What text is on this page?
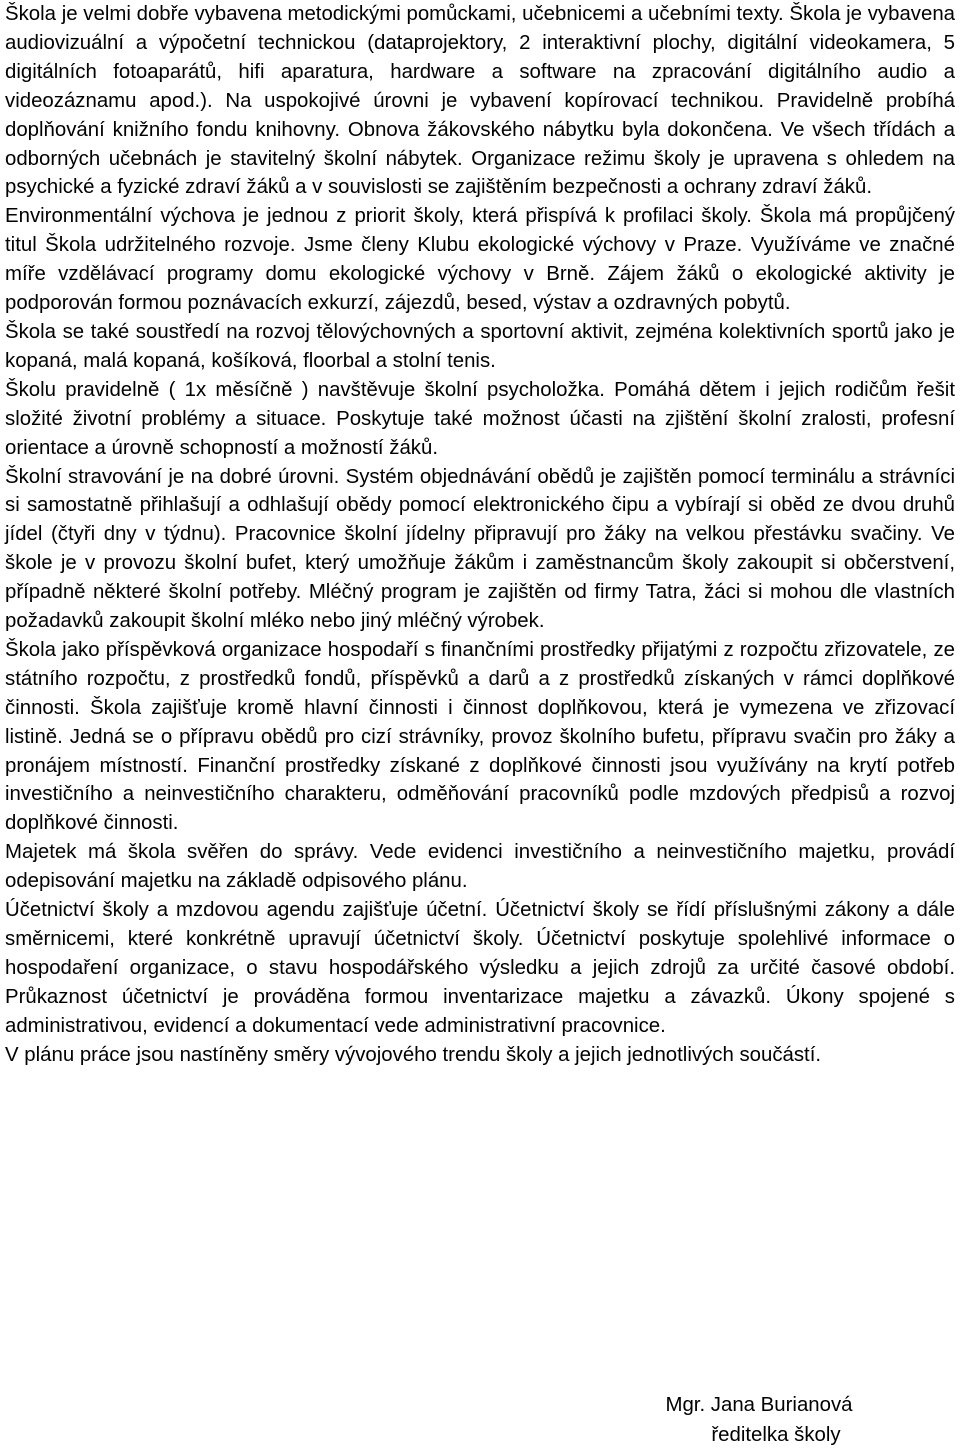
Škola je velmi dobře vybavena metodickými pomůckami, učebnicemi a učebními texty. Škola je vybavena audiovizuální a výpočetní technickou (dataprojektory, 2 interaktivní plochy, digitální videokamera, 5 digitálních fotoaparátů, hifi aparatura, hardware a software na zpracování digitálního audio a videozáznamu apod.). Na uspokojivé úrovni je vybavení kopírovací technikou. Pravidelně probíhá doplňování knižního fondu knihovny. Obnova žákovského nábytku byla dokončena. Ve všech třídách a odborných učebnách je stavitelný školní nábytek. Organizace režimu školy je upravena s ohledem na psychické a fyzické zdraví žáků a v souvislosti se zajištěním bezpečnosti a ochrany zdraví žáků.

Environmentální výchova je jednou z priorit školy, která přispívá k profilaci školy. Škola má propůjčený titul Škola udržitelného rozvoje. Jsme členy Klubu ekologické výchovy v Praze. Využíváme ve značné míře vzdělávací programy domu ekologické výchovy v Brně. Zájem žáků o ekologické aktivity je podporován formou poznávacích exkurzí, zájezdů, besed, výstav a ozdravných pobytů.

Škola se také soustředí na rozvoj tělovýchovných a sportovní aktivit, zejména kolektivních sportů jako je kopaná, malá kopaná, košíková, floorbal a stolní tenis.

Školu pravidelně ( 1x měsíčně ) navštěvuje školní psycholožka. Pomáhá dětem i jejich rodičům řešit složité životní problémy a situace. Poskytuje také možnost účasti na zjištění školní zralosti, profesní orientace a úrovně schopností a možností žáků.

Školní stravování je na dobré úrovni. Systém objednávání obědů je zajištěn pomocí terminálu a strávníci si samostatně přihlašují a odhlašují obědy pomocí elektronického čipu a vybírají si oběd ze dvou druhů jídel (čtyři dny v týdnu). Pracovnice školní jídelny připravují pro žáky na velkou přestávku svačiny. Ve škole je v provozu školní bufet, který umožňuje žákům i zaměstnancům školy zakoupit si občerstvení, případně některé školní potřeby. Mléčný program je zajištěn od firmy Tatra, žáci si mohou dle vlastních požadavků zakoupit školní mléko nebo jiný mléčný výrobek.

Škola jako příspěvková organizace hospodaří s finančními prostředky přijatými z rozpočtu zřizovatele, ze státního rozpočtu, z prostředků fondů, příspěvků a darů a z prostředků získaných v rámci doplňkové činnosti. Škola zajišťuje kromě hlavní činnosti i činnost doplňkovou, která je vymezena ve zřizovací listině. Jedná se o přípravu obědů pro cizí strávníky, provoz školního bufetu, přípravu svačin pro žáky a pronájem místností. Finanční prostředky získané z doplňkové činnosti jsou využívány na krytí potřeb investičního a neinvestičního charakteru, odměňování pracovníků podle mzdových předpisů a rozvoj doplňkové činnosti.

Majetek má škola svěřen do správy. Vede evidenci investičního a neinvestičního majetku, provádí odepisování majetku na základě odpisového plánu.

Účetnictví školy a mzdovou agendu zajišťuje účetní. Účetnictví školy se řídí příslušnými zákony a dále směrnicemi, které konkrétně upravují účetnictví školy. Účetnictví poskytuje spolehlivé informace o hospodaření organizace, o stavu hospodářského výsledku a jejich zdrojů za určité časové období. Průkaznost účetnictví je prováděna formou inventarizace majetku a závazků. Úkony spojené s administrativou, evidencí a dokumentací vede administrativní pracovnice.

V plánu práce jsou nastíněny směry vývojového trendu školy a jejich jednotlivých součástí.

Mgr. Jana Burianová
ředitelka školy
